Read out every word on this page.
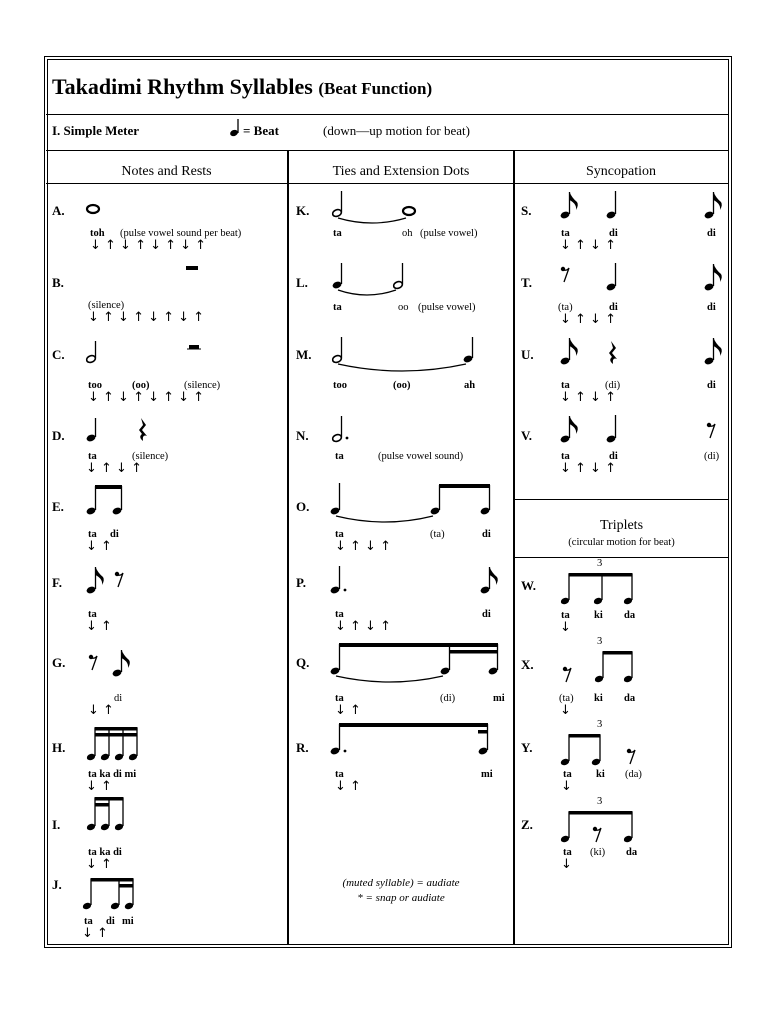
Takadimi Rhythm Syllables (Beat Function)
I. Simple Meter	= Beat	(down—up motion for beat)
Notes and Rests	Ties and Extension Dots	Syncopation
A.
toh (pulse vowel sound per beat)
↓ ↑ ↓ ↑ ↓ ↑ ↓ ↑
B.
(silence)
↓ ↑ ↓ ↑ ↓ ↑ ↓ ↑
C.
too	(oo)	(silence)
↓ ↑ ↓ ↑ ↓ ↑ ↓ ↑
D.
ta	(silence)
↓ ↑ ↓ ↑
E.
ta di
↓ ↑
F.
ta
↓ ↑
G.
di
↓ ↑
H.
ta ka di mi
↓ ↑
I.
ta ka di
↓ ↑
J.
ta di mi
↓ ↑
K.
ta	oh (pulse vowel)
L.
ta	oo (pulse vowel)
M.
too	(oo)	ah
N.
ta	(pulse vowel sound)
O.
ta	(ta)	di
↓ ↑ ↓ ↑
P.
ta	di
↓ ↑ ↓ ↑
Q.
ta	(di)	mi
↓ ↑
R.
ta	mi
↓ ↑
(muted syllable) = audiate
* = snap or audiate
S.
ta	di	di
↓ ↑ ↓ ↑
T.
(ta)	di	di
↓ ↑ ↓ ↑
U.
ta	(di)	di
↓ ↑ ↓ ↑
V.
ta	di	(di)
↓ ↑ ↓ ↑
Triplets
(circular motion for beat)
W.
3
ta ki da
↓
X.
3
(ta) ki da
↓
Y.
3
ta ki (da)
↓
Z.
3
ta (ki) da
↓
